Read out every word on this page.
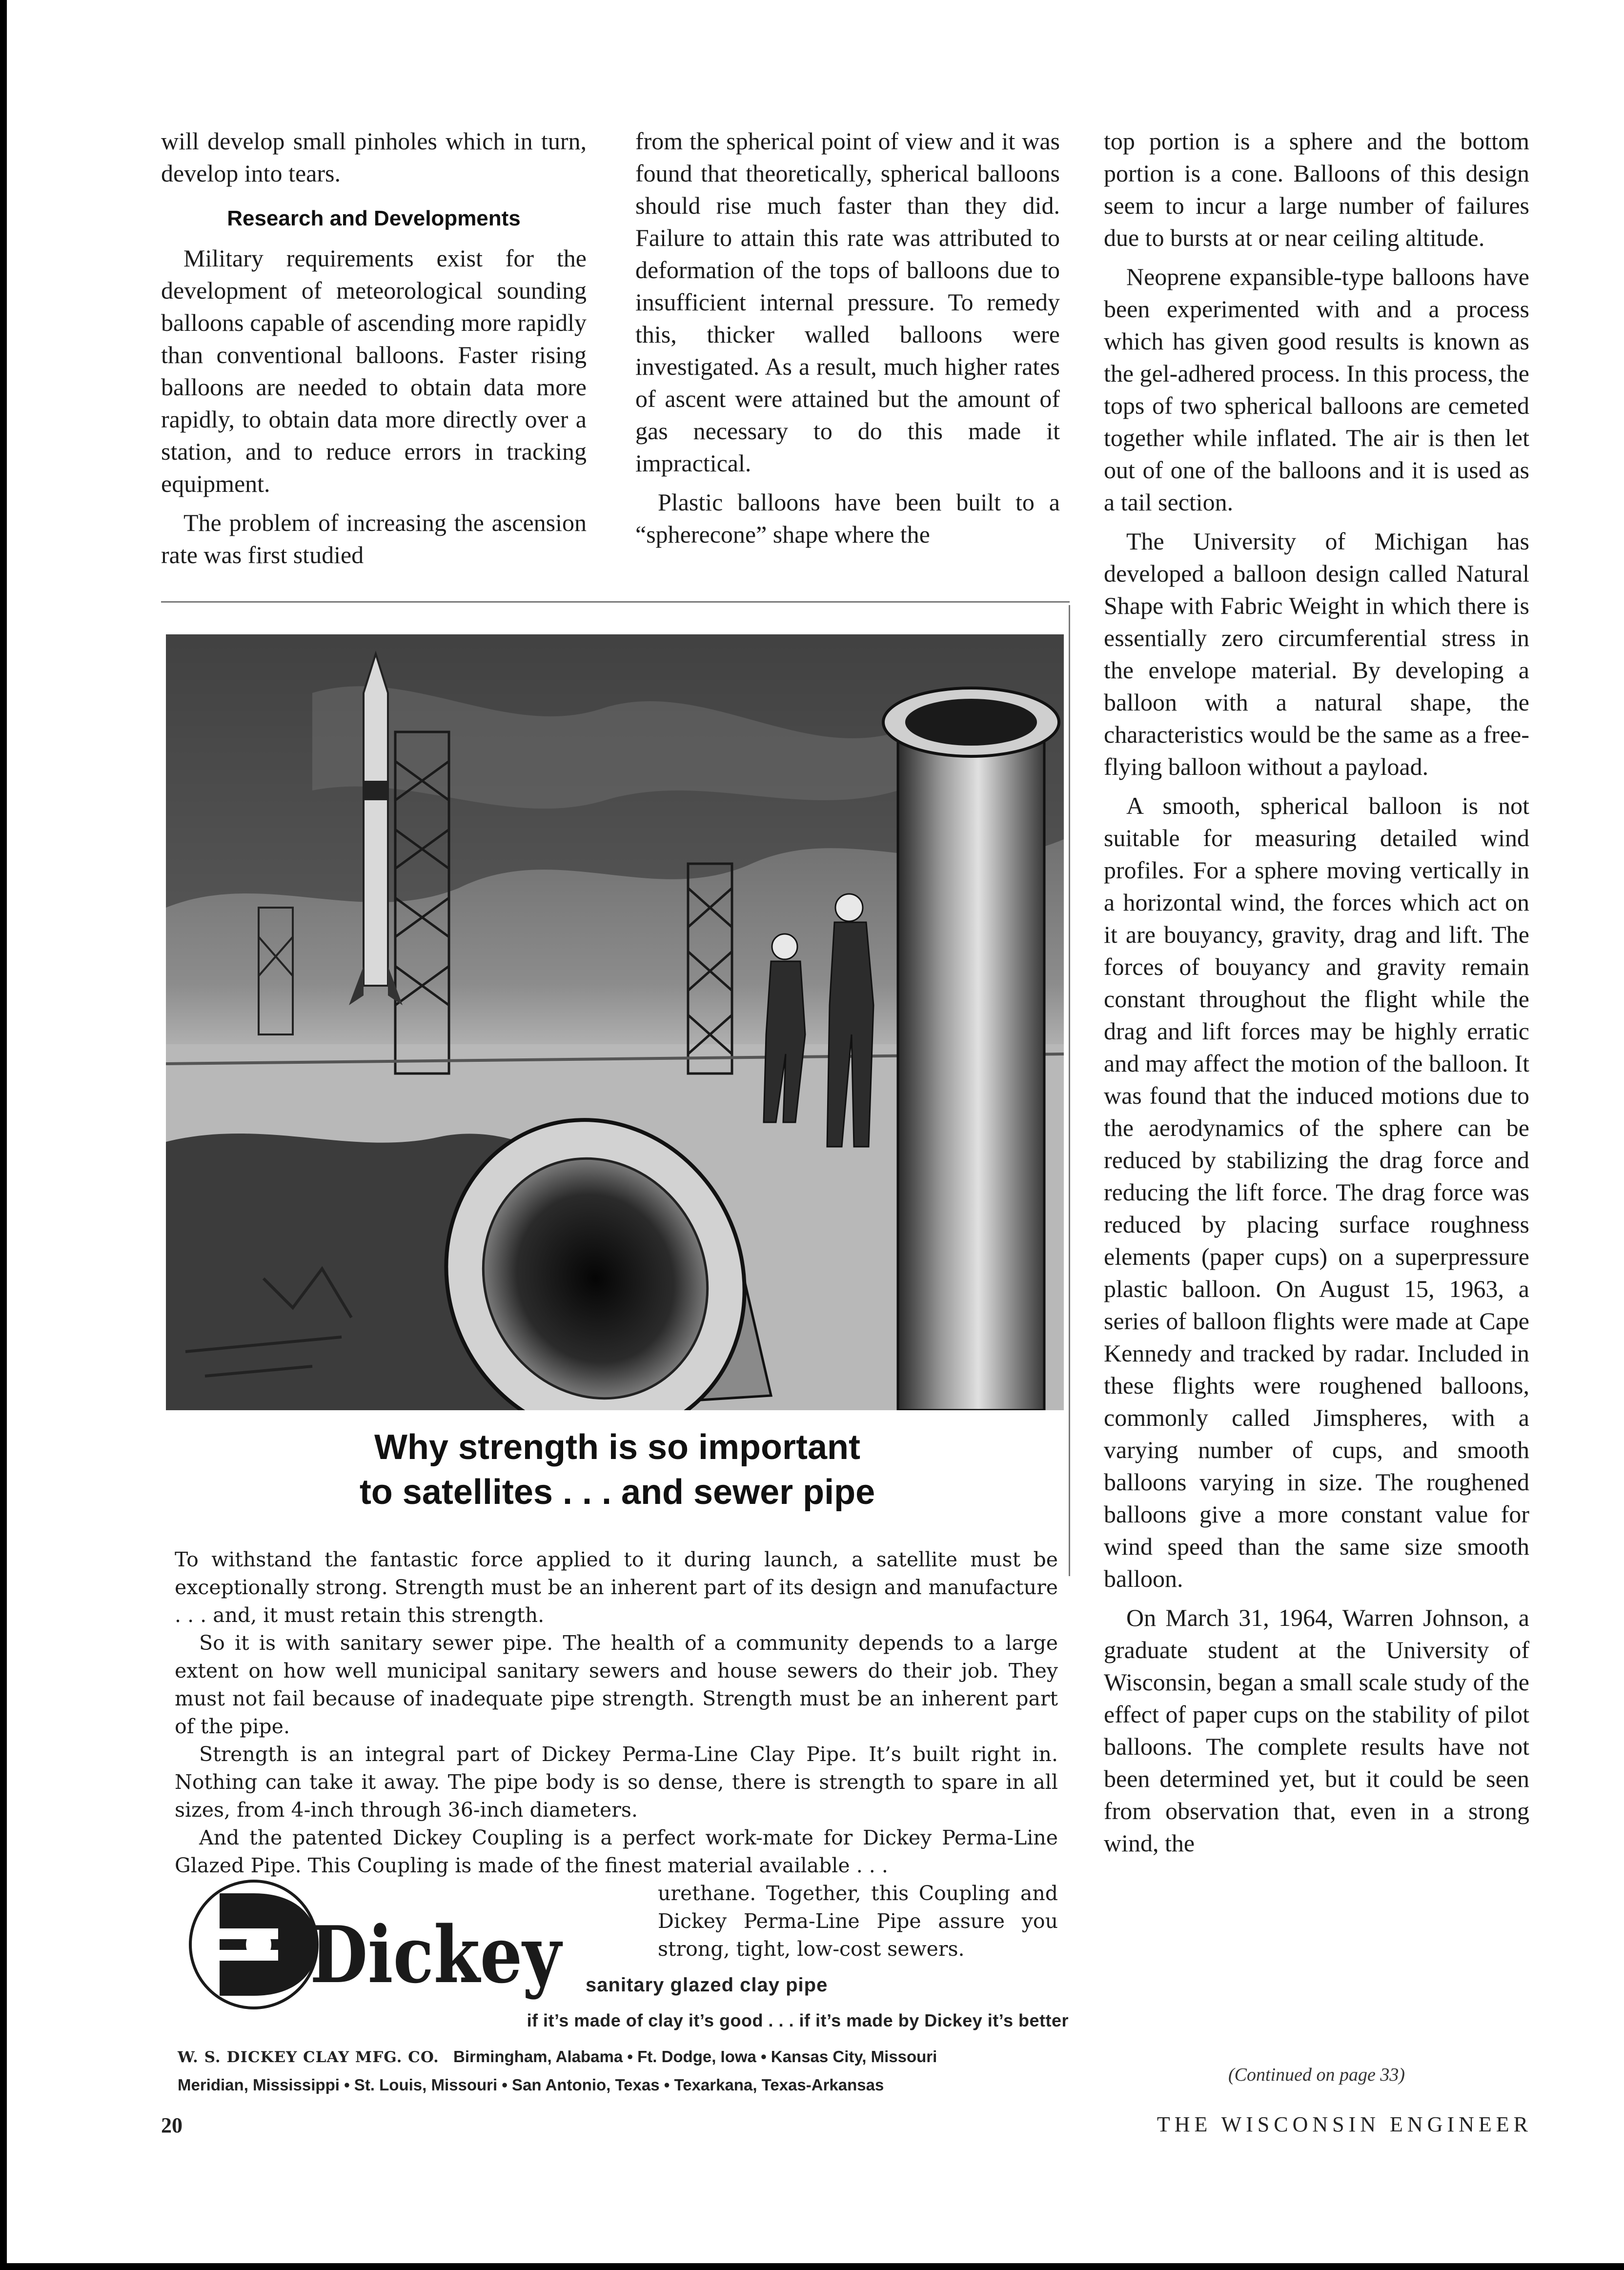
will develop small pinholes which in turn, develop into tears.

Research and Developments

Military requirements exist for the development of meteorological sounding balloons capable of ascending more rapidly than conventional balloons. Faster rising balloons are needed to obtain data more rapidly, to obtain data more directly over a station, and to reduce errors in tracking equipment.

The problem of increasing the ascension rate was first studied

from the spherical point of view and it was found that theoretically, spherical balloons should rise much faster than they did. Failure to attain this rate was attributed to deformation of the tops of balloons due to insufficient internal pressure. To remedy this, thicker walled balloons were investigated. As a result, much higher rates of ascent were attained but the amount of gas necessary to do this made it impractical.

Plastic balloons have been built to a “spherecone” shape where the

top portion is a sphere and the bottom portion is a cone. Balloons of this design seem to incur a large number of failures due to bursts at or near ceiling altitude.

Neoprene expansible-type balloons have been experimented with and a process which has given good results is known as the gel-adhered process. In this process, the tops of two spherical balloons are cemeted together while inflated. The air is then let out of one of the balloons and it is used as a tail section.

The University of Michigan has developed a balloon design called Natural Shape with Fabric Weight in which there is essentially zero circumferential stress in the envelope material. By developing a balloon with a natural shape, the characteristics would be the same as a free-flying balloon without a payload.

A smooth, spherical balloon is not suitable for measuring detailed wind profiles. For a sphere moving vertically in a horizontal wind, the forces which act on it are bouyancy, gravity, drag and lift. The forces of bouyancy and gravity remain constant throughout the flight while the drag and lift forces may be highly erratic and may affect the motion of the balloon. It was found that the induced motions due to the aerodynamics of the sphere can be reduced by stabilizing the drag force and reducing the lift force. The drag force was reduced by placing surface roughness elements (paper cups) on a superpressure plastic balloon. On August 15, 1963, a series of balloon flights were made at Cape Kennedy and tracked by radar. Included in these flights were roughened balloons, commonly called Jimspheres, with a varying number of cups, and smooth balloons varying in size. The roughened balloons give a more constant value for wind speed than the same size smooth balloon.

On March 31, 1964, Warren Johnson, a graduate student at the University of Wisconsin, began a small scale study of the effect of paper cups on the stability of pilot balloons. The complete results have not been determined yet, but it could be seen from observation that, even in a strong wind, the

(Continued on page 33)
Why strength is so important
to satellites . . . and sewer pipe

To withstand the fantastic force applied to it during launch, a satellite must be exceptionally strong. Strength must be an inherent part of its design and manufacture . . . and, it must retain this strength.

So it is with sanitary sewer pipe. The health of a community depends to a large extent on how well municipal sanitary sewers and house sewers do their job. They must not fail because of inadequate pipe strength. Strength must be an inherent part of the pipe.

Strength is an integral part of Dickey Perma-Line Clay Pipe. It’s built right in. Nothing can take it away. The pipe body is so dense, there is strength to spare in all sizes, from 4-inch through 36-inch diameters.

And the patented Dickey Coupling is a perfect work-mate for Dickey Perma-Line Glazed Pipe. This Coupling is made of the finest material available . . .

urethane. Together, this Coupling and Dickey Perma-Line Pipe assure you strong, tight, low-cost sewers.

Dickey sanitary glazed clay pipe
if it’s made of clay it’s good . . . if it’s made by Dickey it’s better
W. S. DICKEY CLAY MFG. CO. Birmingham, Alabama • Ft. Dodge, Iowa • Kansas City, Missouri
Meridian, Mississippi • St. Louis, Missouri • San Antonio, Texas • Texarkana, Texas-Arkansas
20	THE WISCONSIN ENGINEER
